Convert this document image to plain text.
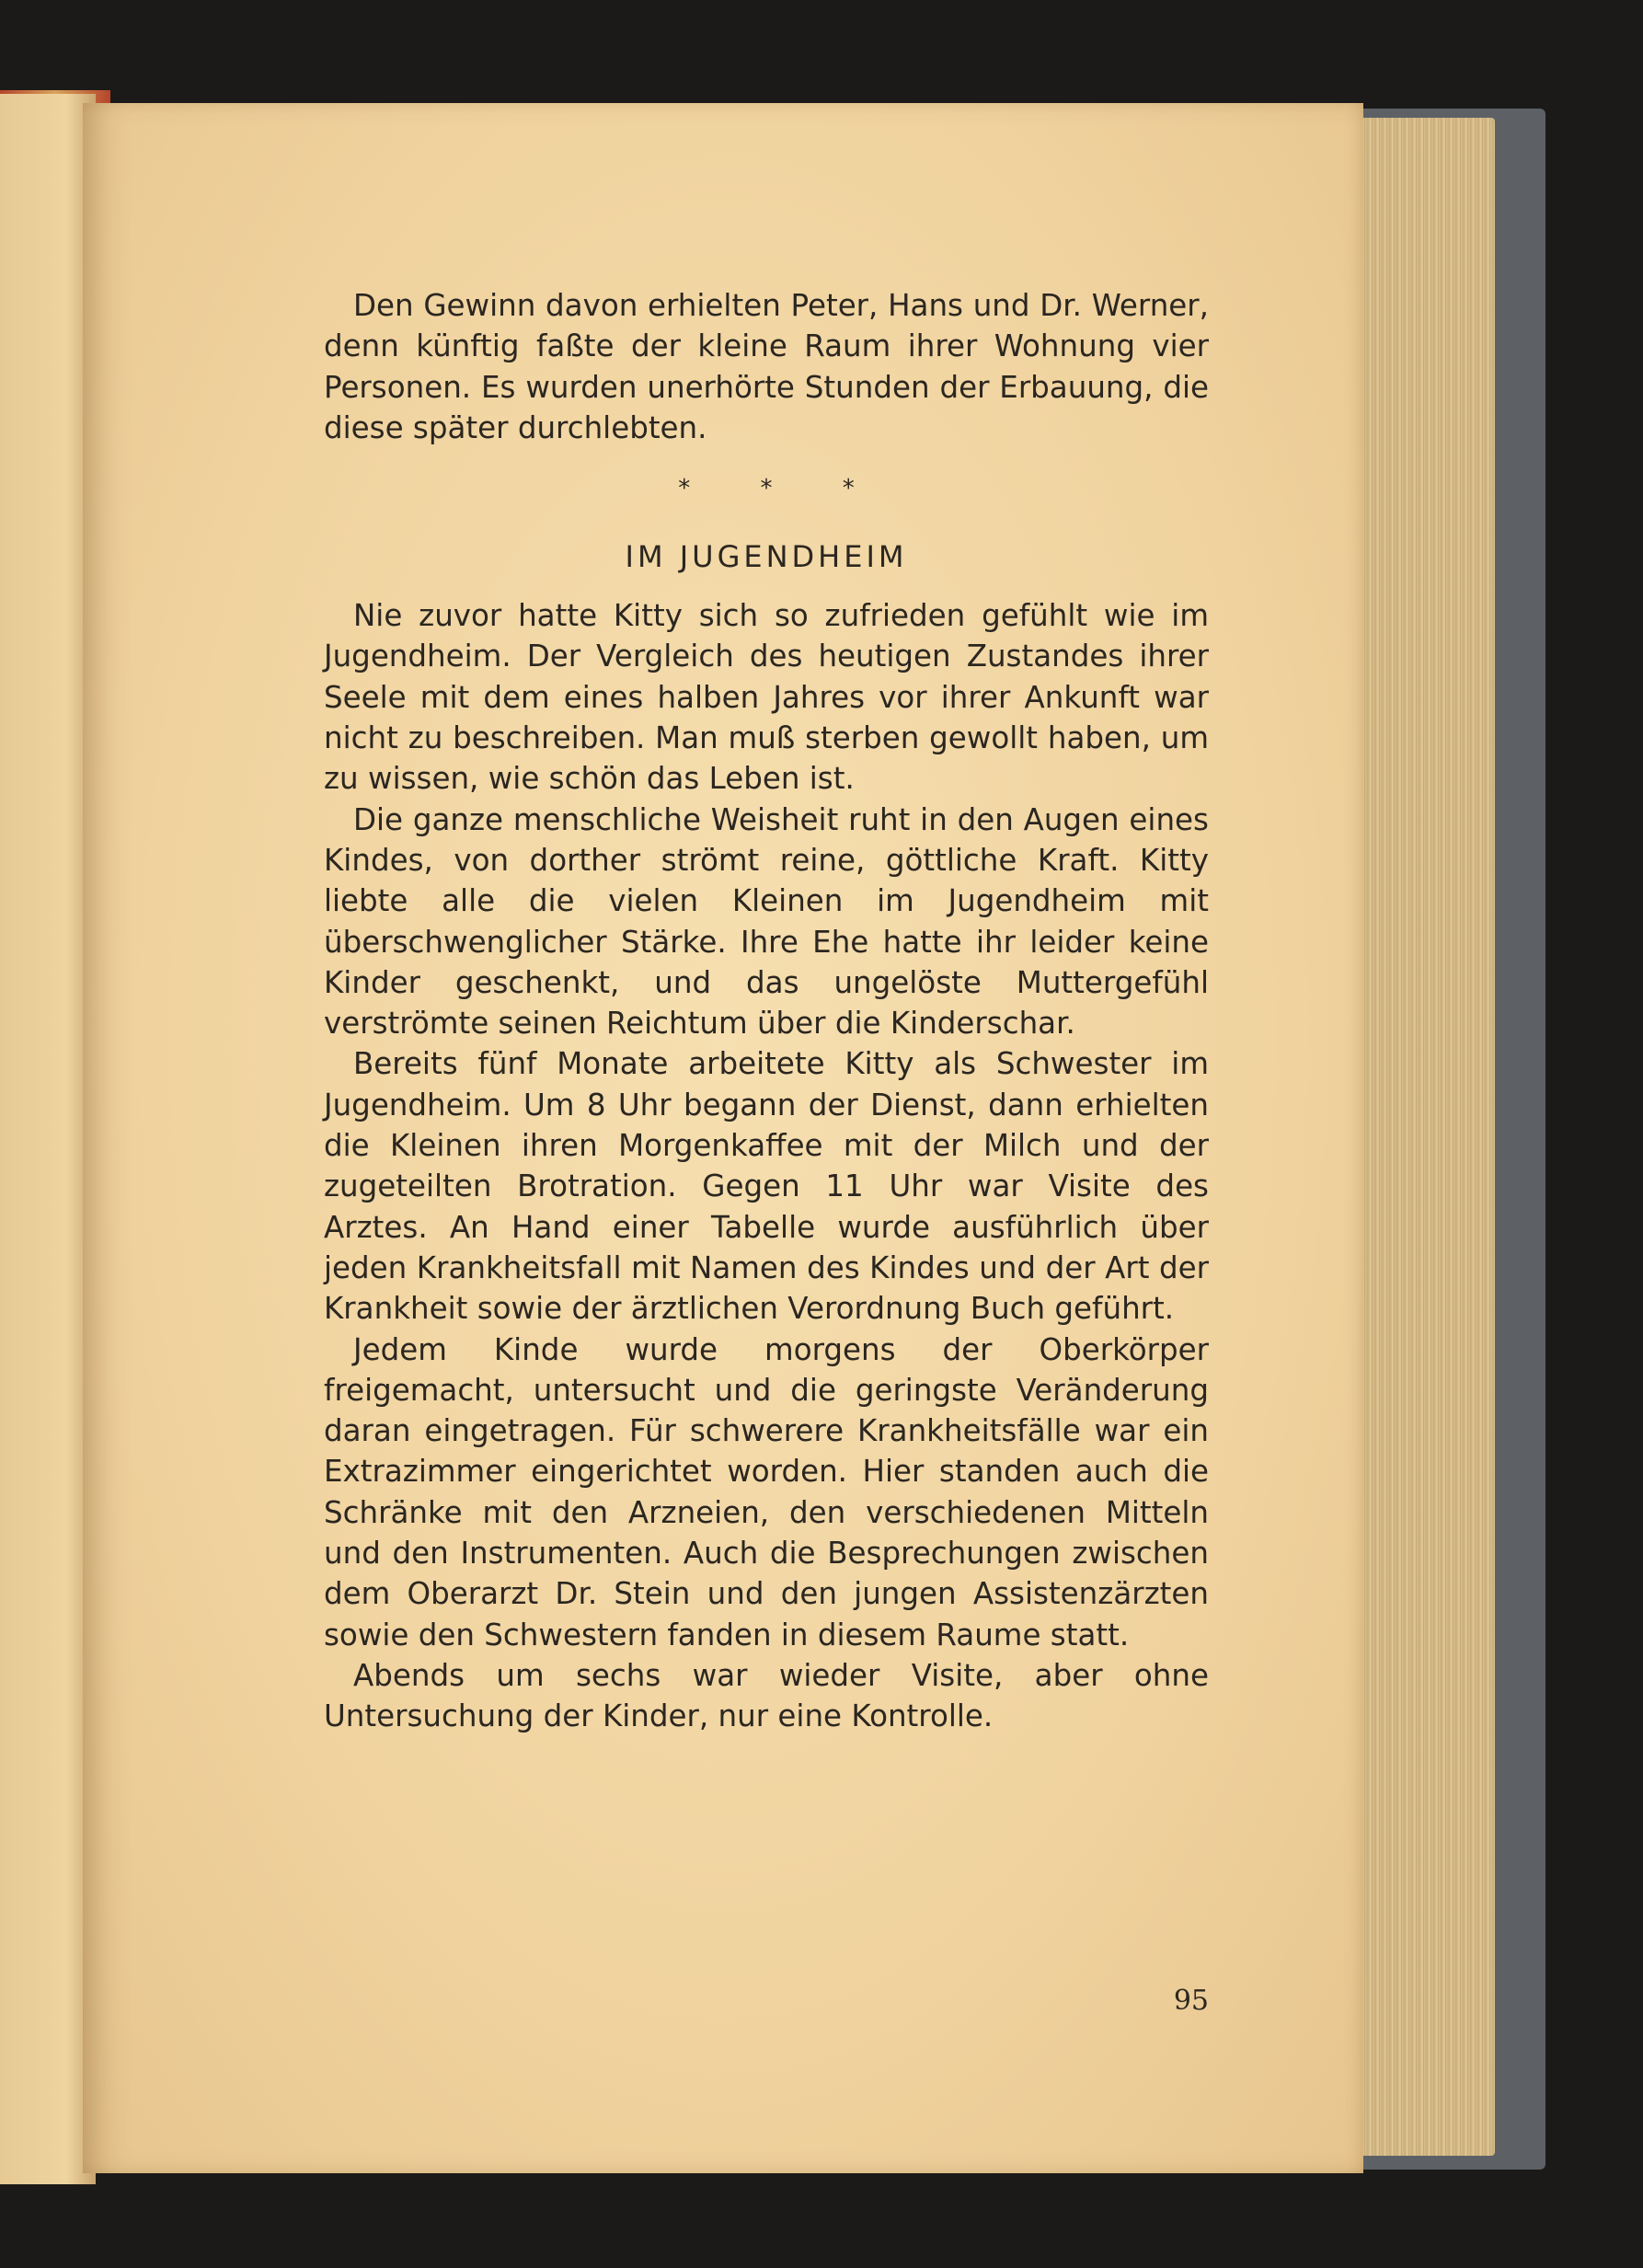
Den Gewinn davon erhielten Peter, Hans und Dr. Werner, denn künftig faßte der kleine Raum ihrer Wohnung vier Personen. Es wurden unerhörte Stunden der Erbauung, die diese später durchlebten.

* * *
IM JUGENDHEIM

Nie zuvor hatte Kitty sich so zufrieden gefühlt wie im Jugendheim. Der Vergleich des heutigen Zustandes ihrer Seele mit dem eines halben Jahres vor ihrer Ankunft war nicht zu beschreiben. Man muß sterben gewollt haben, um zu wissen, wie schön das Leben ist.

Die ganze menschliche Weisheit ruht in den Augen eines Kindes, von dorther strömt reine, göttliche Kraft. Kitty liebte alle die vielen Kleinen im Jugendheim mit überschwenglicher Stärke. Ihre Ehe hatte ihr leider keine Kinder geschenkt, und das ungelöste Muttergefühl verströmte seinen Reichtum über die Kinderschar.

Bereits fünf Monate arbeitete Kitty als Schwester im Jugendheim. Um 8 Uhr begann der Dienst, dann erhielten die Kleinen ihren Morgenkaffee mit der Milch und der zugeteilten Brotration. Gegen 11 Uhr war Visite des Arztes. An Hand einer Tabelle wurde ausführlich über jeden Krankheitsfall mit Namen des Kindes und der Art der Krankheit sowie der ärztlichen Verordnung Buch geführt.

Jedem Kinde wurde morgens der Oberkörper freigemacht, untersucht und die geringste Veränderung daran eingetragen. Für schwerere Krankheitsfälle war ein Extrazimmer eingerichtet worden. Hier standen auch die Schränke mit den Arzneien, den verschiedenen Mitteln und den Instrumenten. Auch die Besprechungen zwischen dem Oberarzt Dr. Stein und den jungen Assistenzärzten sowie den Schwestern fanden in diesem Raume statt.

Abends um sechs war wieder Visite, aber ohne Untersuchung der Kinder, nur eine Kontrolle.

95
